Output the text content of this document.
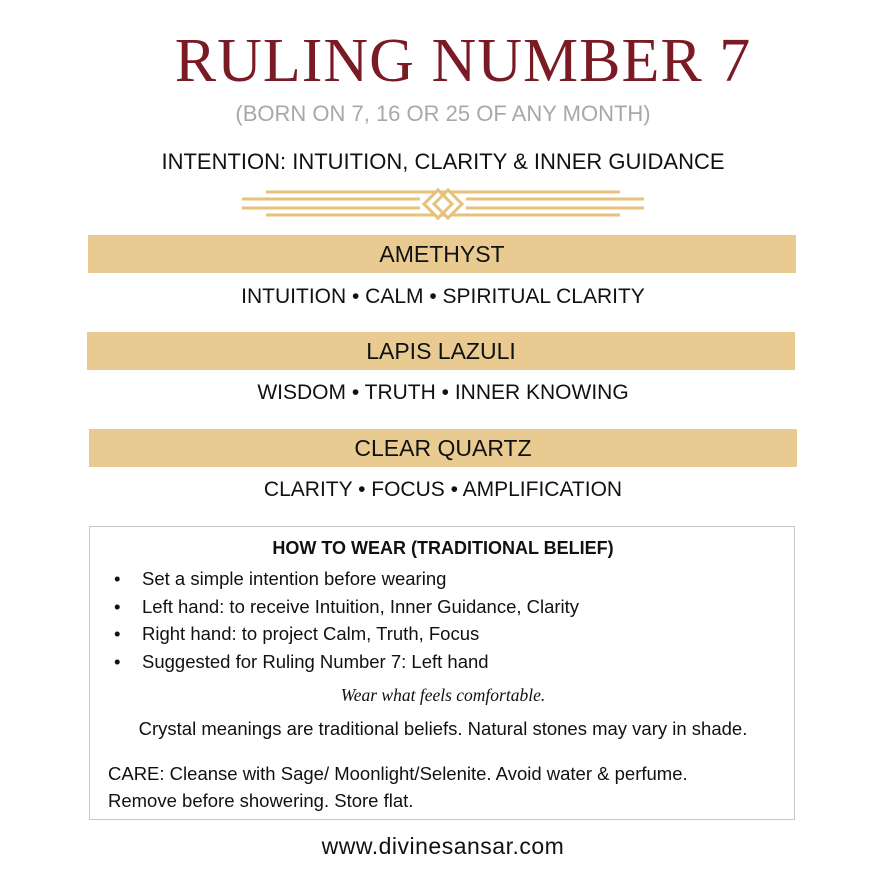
RULING NUMBER 7
(BORN ON 7, 16 OR 25 OF ANY MONTH)
INTENTION: INTUITION, CLARITY & INNER GUIDANCE
AMETHYST
INTUITION • CALM • SPIRITUAL CLARITY
LAPIS LAZULI
WISDOM • TRUTH • INNER KNOWING
CLEAR QUARTZ
CLARITY • FOCUS • AMPLIFICATION
HOW TO WEAR (TRADITIONAL BELIEF)
• Set a simple intention before wearing
• Left hand: to receive Intuition, Inner Guidance, Clarity
• Right hand: to project Calm, Truth, Focus
• Suggested for Ruling Number 7: Left hand
Wear what feels comfortable.
Crystal meanings are traditional beliefs. Natural stones may vary in shade.
CARE: Cleanse with Sage/ Moonlight/Selenite. Avoid water & perfume.
Remove before showering. Store flat.
www.divinesansar.com
